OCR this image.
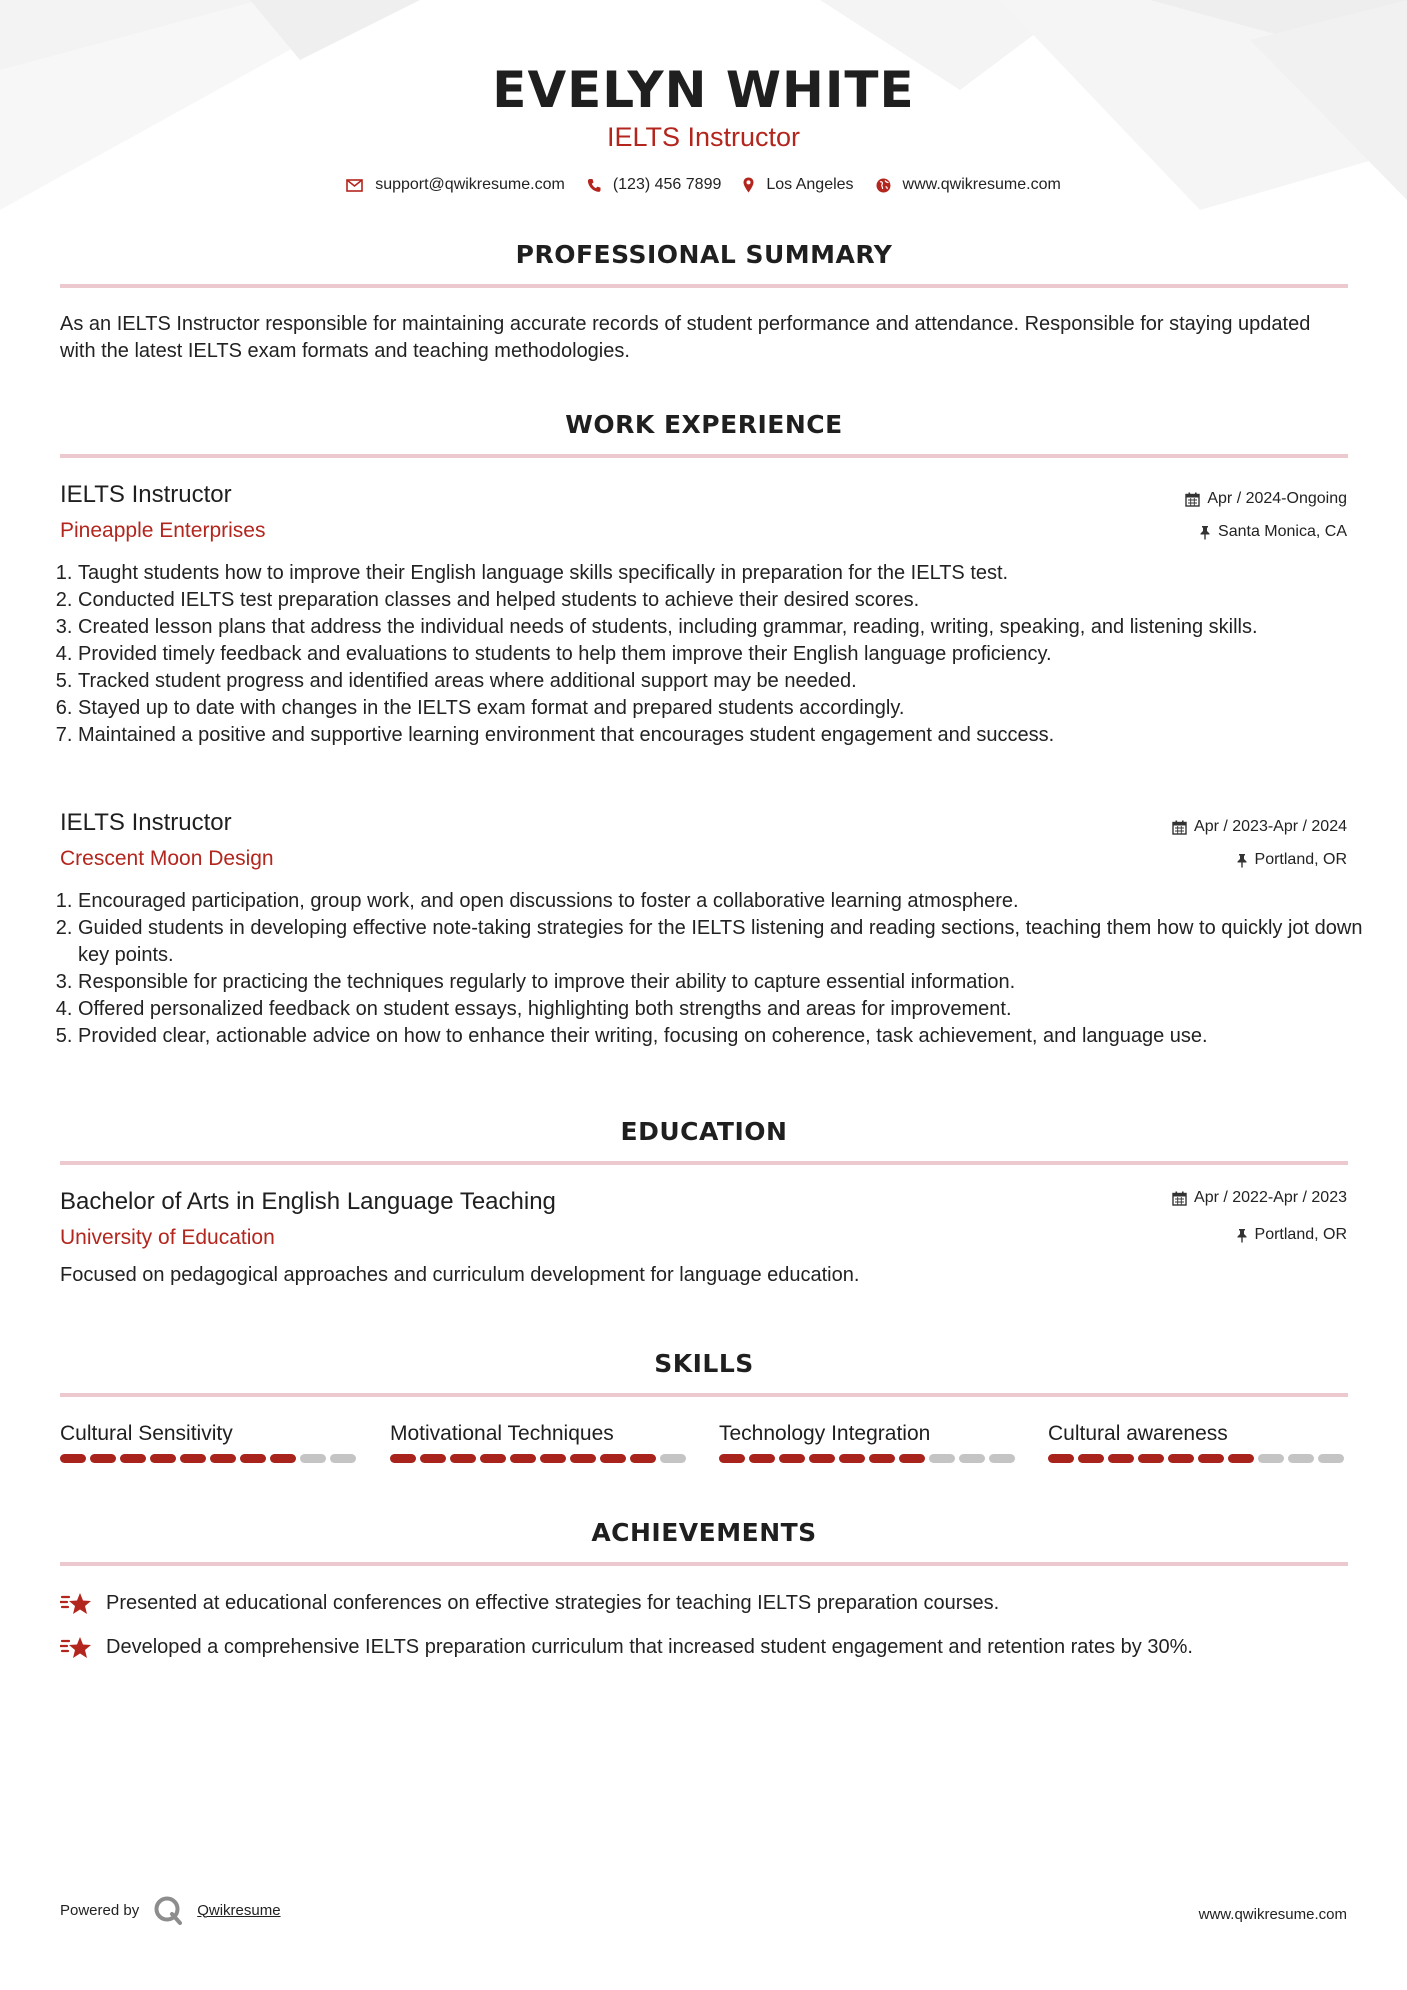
EVELYN WHITE
IELTS Instructor
support@qwikresume.com	(123) 456 7899	Los Angeles	www.qwikresume.com
PROFESSIONAL SUMMARY
As an IELTS Instructor responsible for maintaining accurate records of student performance and attendance. Responsible for staying updated with the latest IELTS exam formats and teaching methodologies.
WORK EXPERIENCE
IELTS Instructor	Apr / 2024-Ongoing
Pineapple Enterprises	Santa Monica, CA
1. Taught students how to improve their English language skills specifically in preparation for the IELTS test.
2. Conducted IELTS test preparation classes and helped students to achieve their desired scores.
3. Created lesson plans that address the individual needs of students, including grammar, reading, writing, speaking, and listening skills.
4. Provided timely feedback and evaluations to students to help them improve their English language proficiency.
5. Tracked student progress and identified areas where additional support may be needed.
6. Stayed up to date with changes in the IELTS exam format and prepared students accordingly.
7. Maintained a positive and supportive learning environment that encourages student engagement and success.
IELTS Instructor	Apr / 2023-Apr / 2024
Crescent Moon Design	Portland, OR
1. Encouraged participation, group work, and open discussions to foster a collaborative learning atmosphere.
2. Guided students in developing effective note-taking strategies for the IELTS listening and reading sections, teaching them how to quickly jot down key points.
3. Responsible for practicing the techniques regularly to improve their ability to capture essential information.
4. Offered personalized feedback on student essays, highlighting both strengths and areas for improvement.
5. Provided clear, actionable advice on how to enhance their writing, focusing on coherence, task achievement, and language use.
EDUCATION
Bachelor of Arts in English Language Teaching	Apr / 2022-Apr / 2023
University of Education	Portland, OR
Focused on pedagogical approaches and curriculum development for language education.
SKILLS
Cultural Sensitivity	Motivational Techniques	Technology Integration	Cultural awareness
ACHIEVEMENTS
Presented at educational conferences on effective strategies for teaching IELTS preparation courses.
Developed a comprehensive IELTS preparation curriculum that increased student engagement and retention rates by 30%.
Powered by	Qwikresume	www.qwikresume.com
